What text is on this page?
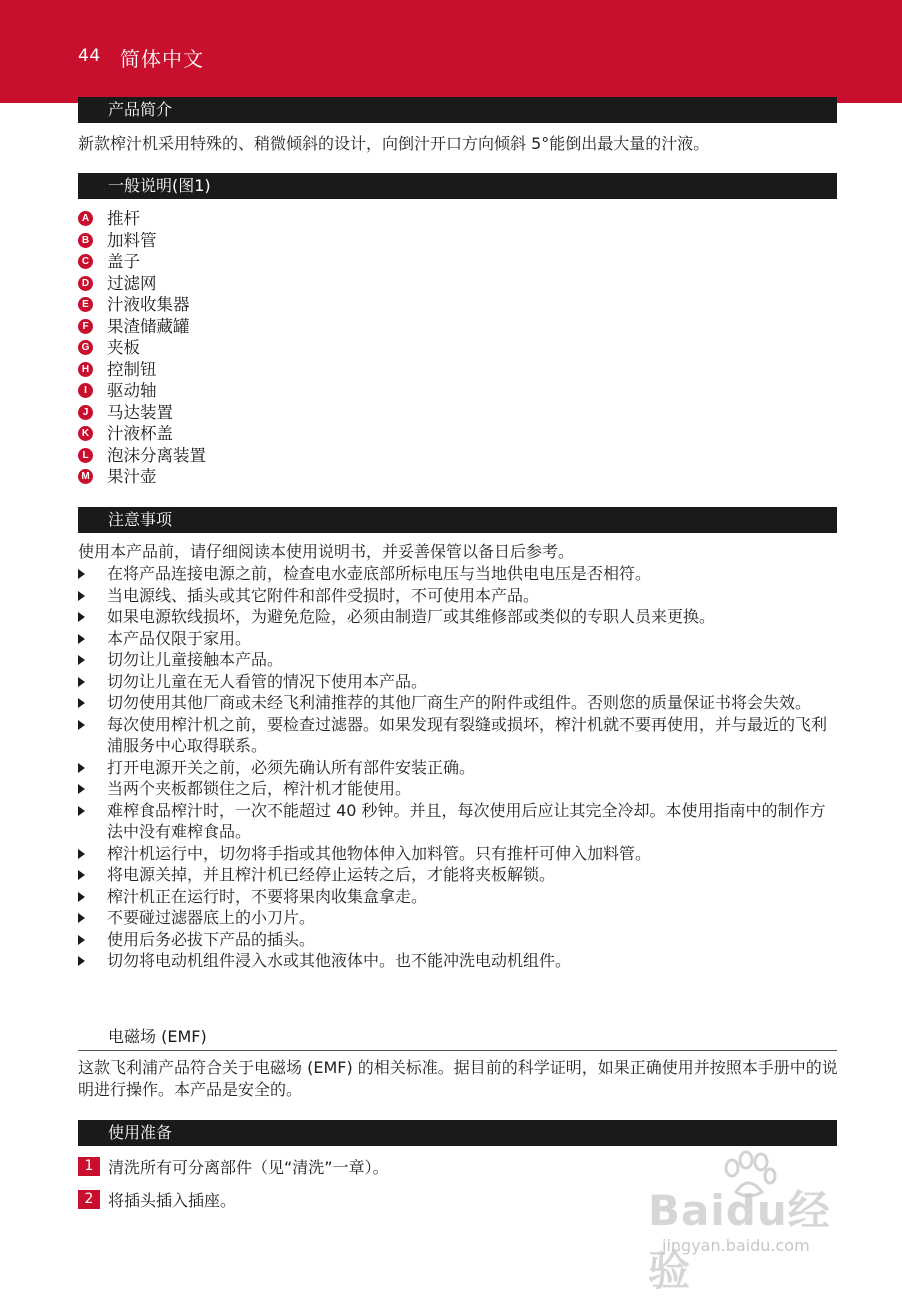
44 简体中文
产品简介
新款榨汁机采用特殊的、稍微倾斜的设计，向倒汁开口方向倾斜 5°能倒出最大量的汁液。
一般说明(图1)
A 推杆
B 加料管
C 盖子
D 过滤网
E 汁液收集器
F 果渣储藏罐
G 夹板
H 控制钮
I	驱动轴
J 马达装置
K 汁液杯盖
L 泡沫分离装置
M 果汁壶
注意事项
使用本产品前，请仔细阅读本使用说明书，并妥善保管以备日后参考。
在将产品连接电源之前，检查电水壶底部所标电压与当地供电电压是否相符。
当电源线、插头或其它附件和部件受损时，不可使用本产品。
如果电源软线损坏，为避免危险，必须由制造厂或其维修部或类似的专职人员来更换。
本产品仅限于家用。
切勿让儿童接触本产品。
切勿让儿童在无人看管的情况下使用本产品。
切勿使用其他厂商或未经飞利浦推荐的其他厂商生产的附件或组件。否则您的质量保证书将会失效。
每次使用榨汁机之前，要检查过滤器。如果发现有裂缝或损坏，榨汁机就不要再使用，并与最近的飞利浦服务中心取得联系。
打开电源开关之前，必须先确认所有部件安装正确。
当两个夹板都锁住之后，榨汁机才能使用。
难榨食品榨汁时，一次不能超过 40 秒钟。并且，每次使用后应让其完全冷却。本使用指南中的制作方法中没有难榨食品。
榨汁机运行中，切勿将手指或其他物体伸入加料管。只有推杆可伸入加料管。
将电源关掉，并且榨汁机已经停止运转之后，才能将夹板解锁。
榨汁机正在运行时，不要将果肉收集盒拿走。
不要碰过滤器底上的小刀片。
使用后务必拔下产品的插头。
切勿将电动机组件浸入水或其他液体中。也不能冲洗电动机组件。
电磁场 (EMF)
这款飞利浦产品符合关于电磁场 (EMF) 的相关标准。据目前的科学证明，如果正确使用并按照本手册中的说明进行操作。本产品是安全的。
使用准备
1 清洗所有可分离部件（见“清洗”一章）。
2 将插头插入插座。	Baidu经验
jingyan.baidu.com
